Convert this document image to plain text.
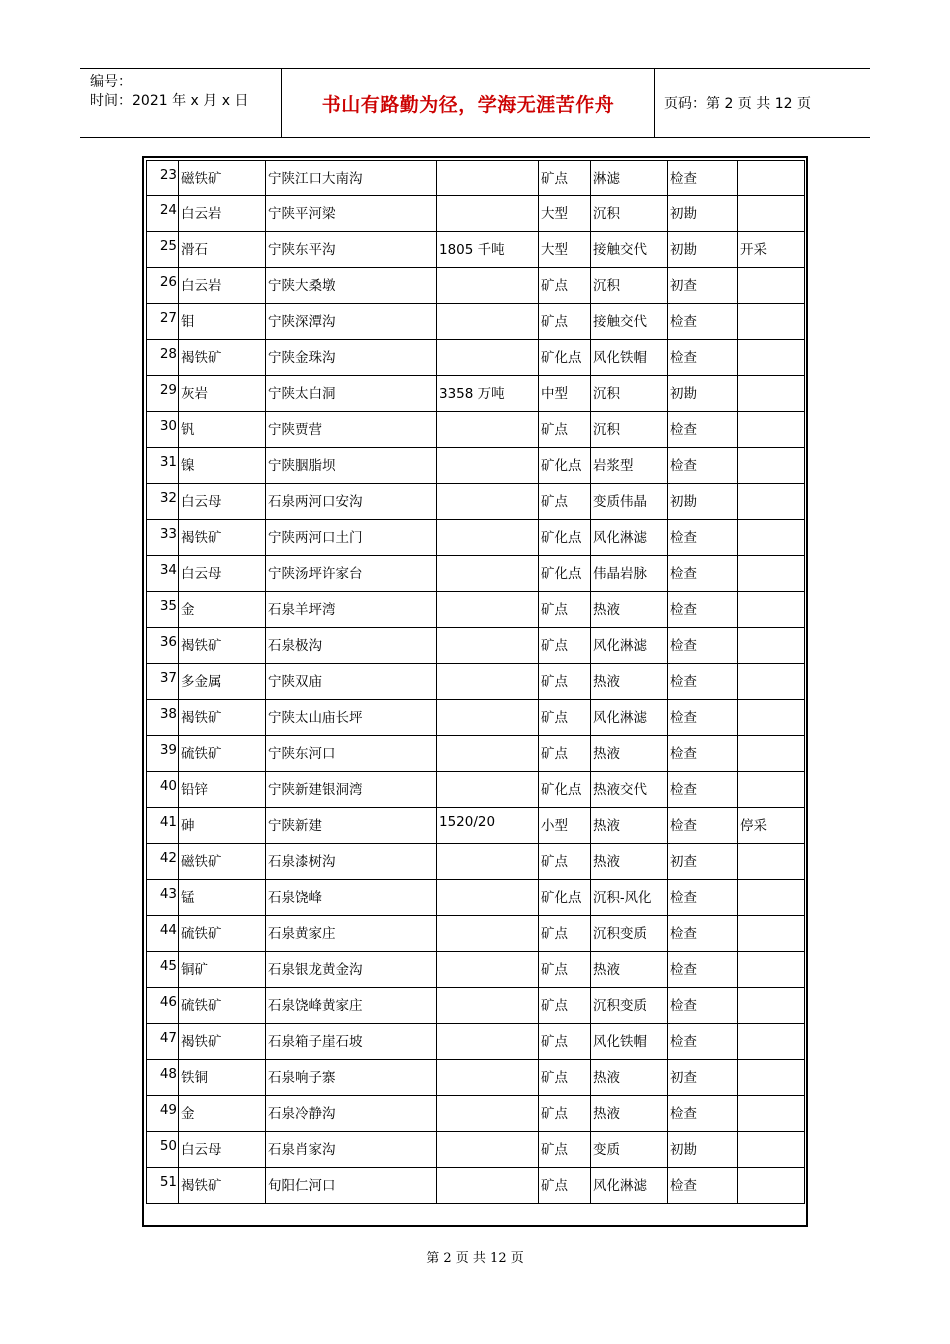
编号：
时间：2021 年 x 月 x 日	书山有路勤为径，学海无涯苦作舟	页码：第 2 页 共 12 页
23	磁铁矿	宁陕江口大南沟		矿点	淋滤	检查	
24	白云岩	宁陕平河梁		大型	沉积	初勘	
25	滑石	宁陕东平沟	1805 千吨	大型	接触交代	初勘	开采
26	白云岩	宁陕大桑墩		矿点	沉积	初查	
27	钼	宁陕深潭沟		矿点	接触交代	检查	
28	褐铁矿	宁陕金珠沟		矿化点	风化铁帽	检查	
29	灰岩	宁陕太白洞	3358 万吨	中型	沉积	初勘	
30	钒	宁陕贾营		矿点	沉积	检查	
31	镍	宁陕胭脂坝		矿化点	岩浆型	检查	
32	白云母	石泉两河口安沟		矿点	变质伟晶	初勘	
33	褐铁矿	宁陕两河口土门		矿化点	风化淋滤	检查	
34	白云母	宁陕汤坪许家台		矿化点	伟晶岩脉	检查	
35	金	石泉羊坪湾		矿点	热液	检查	
36	褐铁矿	石泉极沟		矿点	风化淋滤	检查	
37	多金属	宁陕双庙		矿点	热液	检查	
38	褐铁矿	宁陕太山庙长坪		矿点	风化淋滤	检查	
39	硫铁矿	宁陕东河口		矿点	热液	检查	
40	铅锌	宁陕新建银洞湾		矿化点	热液交代	检查	
41	砷	宁陕新建	1520/20	小型	热液	检查	停采
42	磁铁矿	石泉漆树沟		矿点	热液	初查	
43	锰	石泉饶峰		矿化点	沉积-风化	检查	
44	硫铁矿	石泉黄家庄		矿点	沉积变质	检查	
45	铜矿	石泉银龙黄金沟		矿点	热液	检查	
46	硫铁矿	石泉饶峰黄家庄		矿点	沉积变质	检查	
47	褐铁矿	石泉箱子崖石坡		矿点	风化铁帽	检查	
48	铁铜	石泉响子寨		矿点	热液	初查	
49	金	石泉冷静沟		矿点	热液	检查	
50	白云母	石泉肖家沟		矿点	变质	初勘	
51	褐铁矿	旬阳仁河口		矿点	风化淋滤	检查	
第 2 页 共 12 页
